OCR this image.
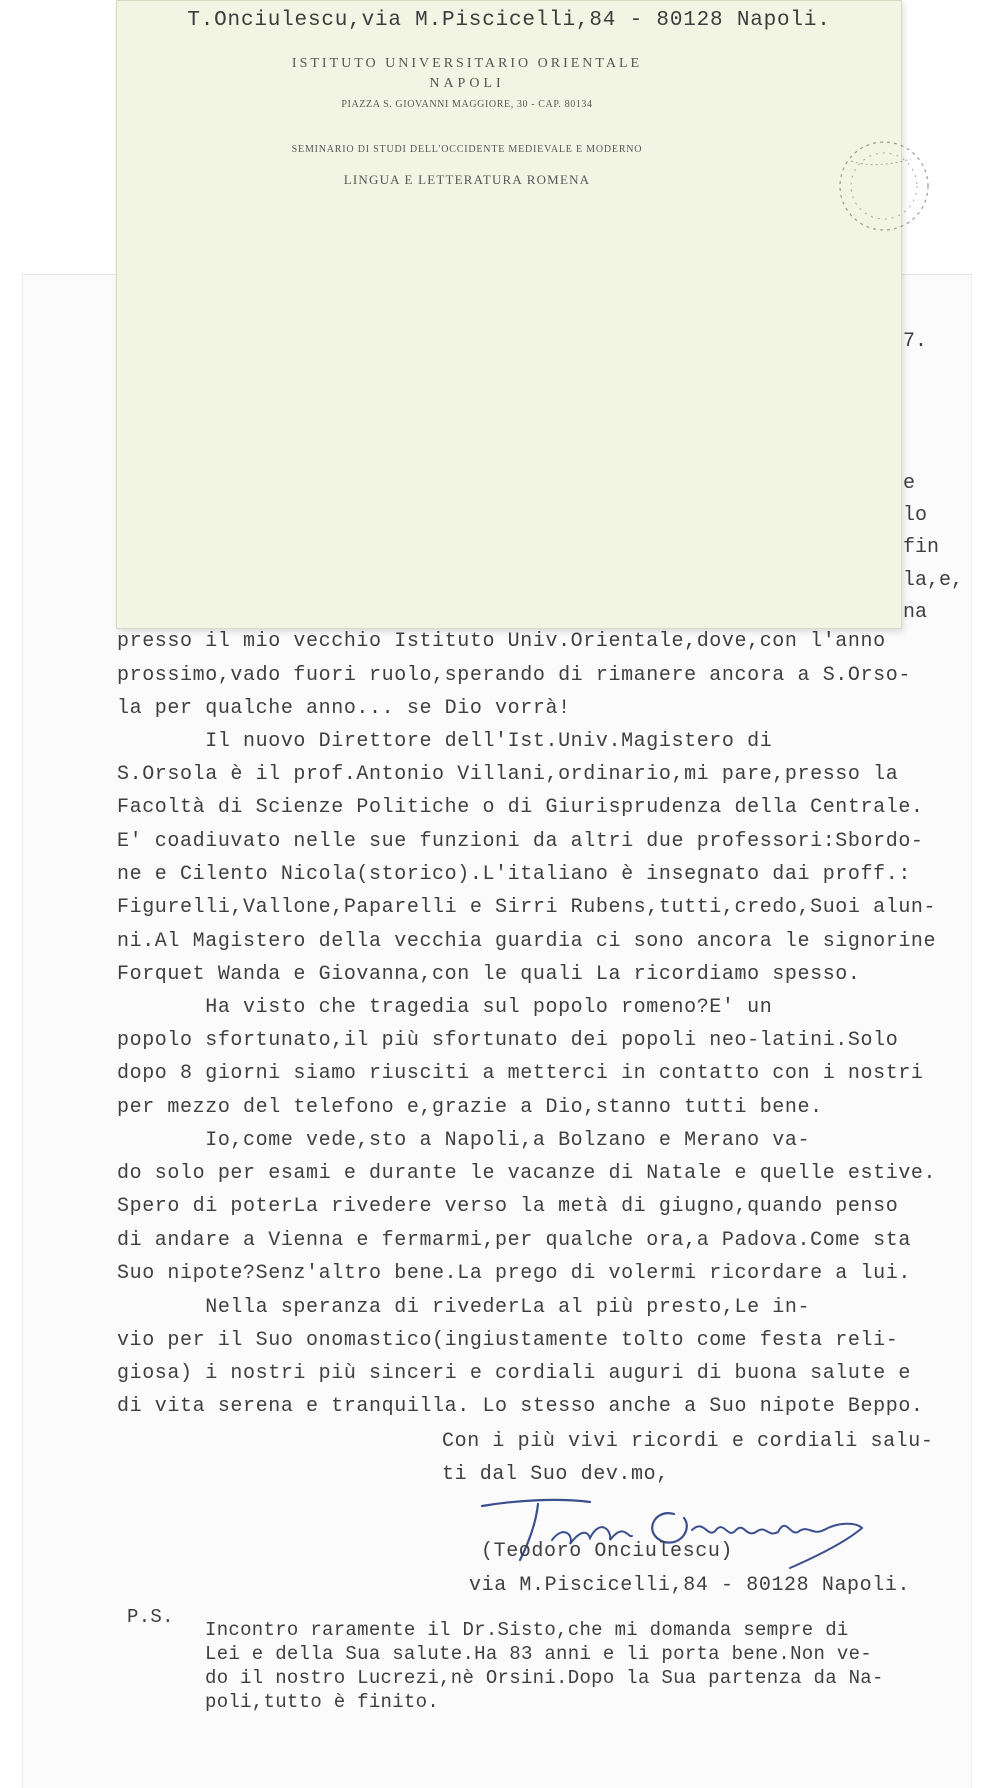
7.
e
lo
fin
la,e,
na
presso il mio vecchio Istituto Univ.Orientale,dove,con l'anno
prossimo,vado fuori ruolo,sperando di rimanere ancora a S.Orso-
la per qualche anno... se Dio vorrà!
Il nuovo Direttore dell'Ist.Univ.Magistero di
S.Orsola è il prof.Antonio Villani,ordinario,mi pare,presso la
Facoltà di Scienze Politiche o di Giurisprudenza della Centrale.
E' coadiuvato nelle sue funzioni da altri due professori:Sbordo-
ne e Cilento Nicola(storico).L'italiano è insegnato dai proff.:
Figurelli,Vallone,Paparelli e Sirri Rubens,tutti,credo,Suoi alun-
ni.Al Magistero della vecchia guardia ci sono ancora le signorine
Forquet Wanda e Giovanna,con le quali La ricordiamo spesso.
Ha visto che tragedia sul popolo romeno?E' un
popolo sfortunato,il più sfortunato dei popoli neo-latini.Solo
dopo 8 giorni siamo riusciti a metterci in contatto con i nostri
per mezzo del telefono e,grazie a Dio,stanno tutti bene.
Io,come vede,sto a Napoli,a Bolzano e Merano va-
do solo per esami e durante le vacanze di Natale e quelle estive.
Spero di poterLa rivedere verso la metà di giugno,quando penso
di andare a Vienna e fermarmi,per qualche ora,a Padova.Come sta
Suo nipote?Senz'altro bene.La prego di volermi ricordare a lui.
Nella speranza di rivederLa al più presto,Le in-
vio per il Suo onomastico(ingiustamente tolto come festa reli-
giosa) i nostri più sinceri e cordiali auguri di buona salute e
di vita serena e tranquilla. Lo stesso anche a Suo nipote Beppo.
Con i più vivi ricordi e cordiali salu-
ti dal Suo dev.mo,
(Teodoro Onciulescu)
via M.Piscicelli,84 - 80128 Napoli.
P.S.
Incontro raramente il Dr.Sisto,che mi domanda sempre di
Lei e della Sua salute.Ha 83 anni e li porta bene.Non ve-
do il nostro Lucrezi,nè Orsini.Dopo la Sua partenza da Na-
poli,tutto è finito.
T.Onciulescu,via M.Piscicelli,84 - 80128 Napoli.
ISTITUTO UNIVERSITARIO ORIENTALE
NAPOLI
PIAZZA S. GIOVANNI MAGGIORE, 30 - CAP. 80134
SEMINARIO DI STUDI DELL'OCCIDENTE MEDIEVALE E MODERNO
LINGUA E LETTERATURA ROMENA
